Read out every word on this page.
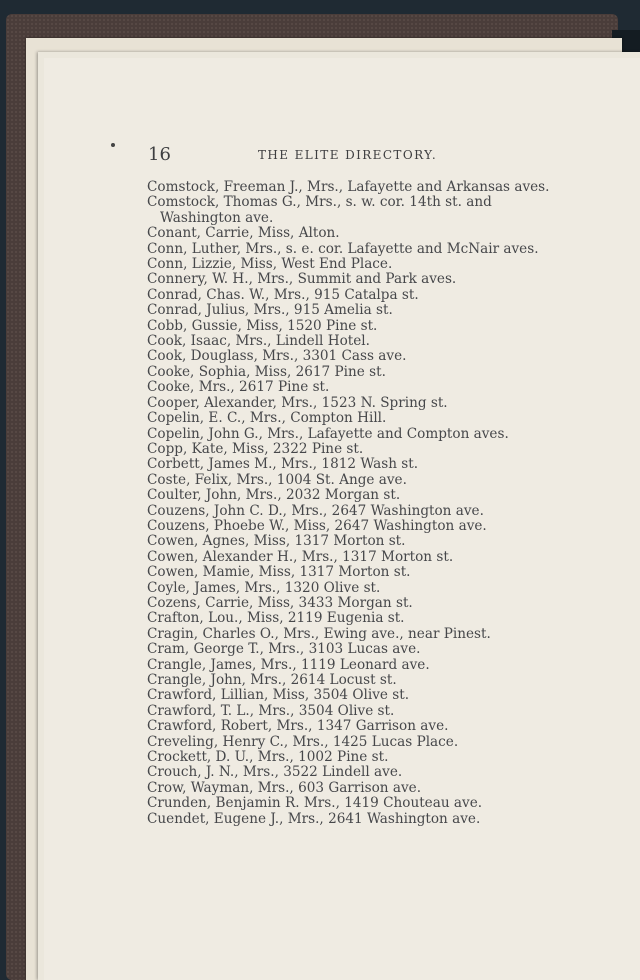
16	THE ELITE DIRECTORY.
Comstock, Freeman J., Mrs., Lafayette and Arkansas aves.
Comstock, Thomas G., Mrs., s. w. cor. 14th st. and Washington ave.
Conant, Carrie, Miss, Alton.
Conn, Luther, Mrs., s. e. cor. Lafayette and McNair aves.
Conn, Lizzie, Miss, West End Place.
Connery, W. H., Mrs., Summit and Park aves.
Conrad, Chas. W., Mrs., 915 Catalpa st.
Conrad, Julius, Mrs., 915 Amelia st.
Cobb, Gussie, Miss, 1520 Pine st.
Cook, Isaac, Mrs., Lindell Hotel.
Cook, Douglass, Mrs., 3301 Cass ave.
Cooke, Sophia, Miss, 2617 Pine st.
Cooke, Mrs., 2617 Pine st.
Cooper, Alexander, Mrs., 1523 N. Spring st.
Copelin, E. C., Mrs., Compton Hill.
Copelin, John G., Mrs., Lafayette and Compton aves.
Copp, Kate, Miss, 2322 Pine st.
Corbett, James M., Mrs., 1812 Wash st.
Coste, Felix, Mrs., 1004 St. Ange ave.
Coulter, John, Mrs., 2032 Morgan st.
Couzens, John C. D., Mrs., 2647 Washington ave.
Couzens, Phoebe W., Miss, 2647 Washington ave.
Cowen, Agnes, Miss, 1317 Morton st.
Cowen, Alexander H., Mrs., 1317 Morton st.
Cowen, Mamie, Miss, 1317 Morton st.
Coyle, James, Mrs., 1320 Olive st.
Cozens, Carrie, Miss, 3433 Morgan st.
Crafton, Lou., Miss, 2119 Eugenia st.
Cragin, Charles O., Mrs., Ewing ave., near Pinest.
Cram, George T., Mrs., 3103 Lucas ave.
Crangle, James, Mrs., 1119 Leonard ave.
Crangle, John, Mrs., 2614 Locust st.
Crawford, Lillian, Miss, 3504 Olive st.
Crawford, T. L., Mrs., 3504 Olive st.
Crawford, Robert, Mrs., 1347 Garrison ave.
Creveling, Henry C., Mrs., 1425 Lucas Place.
Crockett, D. U., Mrs., 1002 Pine st.
Crouch, J. N., Mrs., 3522 Lindell ave.
Crow, Wayman, Mrs., 603 Garrison ave.
Crunden, Benjamin R. Mrs., 1419 Chouteau ave.
Cuendet, Eugene J., Mrs., 2641 Washington ave.
